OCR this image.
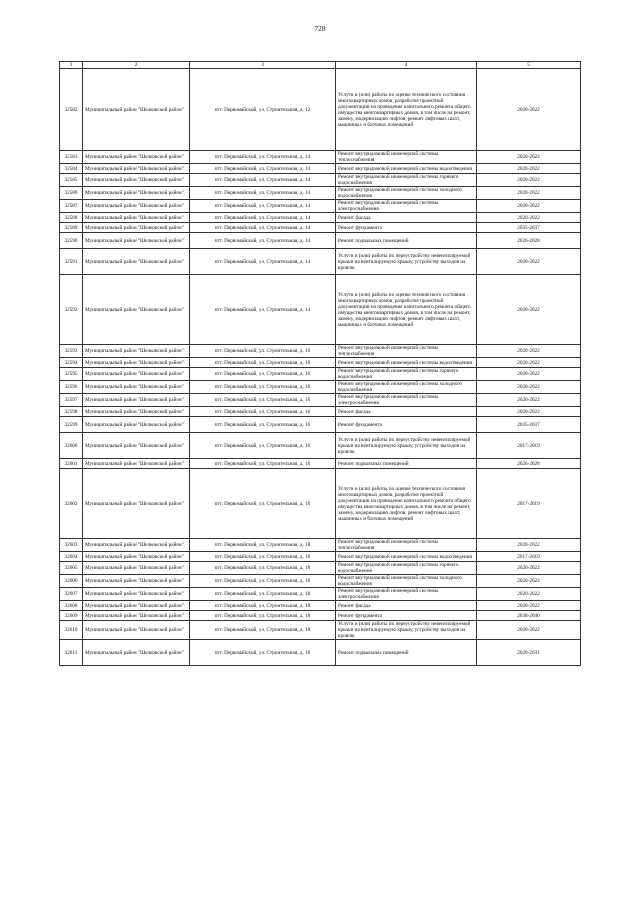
728
1	2	3	4	5
32582	Муниципальный район "Шелковской район"	пгт. Первомайский, ул. Строительная, д. 12	Услуги и (или) работы по оценке технического состояния многоквартирных домов, разработке проектной документации на проведение капитального ремонта общего имущества многоквартирных домов, в том числе на ремонт, замену, модернизацию лифтов, ремонт лифтовых шахт, машинных и блочных помещений	2020-2022
32583	Муниципальный район "Шелковской район"	пгт. Первомайский, ул. Строительная, д. 14	Ремонт внутридомовой инженерной системы теплоснабжения	2020-2022
32584	Муниципальный район "Шелковской район"	пгт. Первомайский, ул. Строительная, д. 14	Ремонт внутридомовой инженерной системы водоотведения	2020-2022
32585	Муниципальный район "Шелковской район"	пгт. Первомайский, ул. Строительная, д. 14	Ремонт внутридомовой инженерной системы горячего водоснабжения	2020-2022
32586	Муниципальный район "Шелковской район"	пгт. Первомайский, ул. Строительная, д. 14	Ремонт внутридомовой инженерной системы холодного водоснабжения	2020-2022
32587	Муниципальный район "Шелковской район"	пгт. Первомайский, ул. Строительная, д. 14	Ремонт внутридомовой инженерной системы электроснабжения	2020-2022
32588	Муниципальный район "Шелковской район"	пгт. Первомайский, ул. Строительная, д. 14	Ремонт фасада	2020-2022
32589	Муниципальный район "Шелковской район"	пгт. Первомайский, ул. Строительная, д. 14	Ремонт фундамента	2035-2037
32590	Муниципальный район "Шелковской район"	пгт. Первомайский, ул. Строительная, д. 14	Ремонт подвальных помещений	2026-2028
32591	Муниципальный район "Шелковской район"	пгт. Первомайский, ул. Строительная, д. 14	Услуги и (или) работы по переустройству невентилируемой крыши на вентилируемую крышу, устройству выходов на кровлю	2020-2022
32592	Муниципальный район "Шелковской район"	пгт. Первомайский, ул. Строительная, д. 14	Услуги и (или) работы по оценке технического состояния многоквартирных домов, разработке проектной документации на проведение капитального ремонта общего имущества многоквартирных домов, в том числе на ремонт, замену, модернизацию лифтов, ремонт лифтовых шахт, машинных и блочных помещений	2020-2022
32593	Муниципальный район "Шелковской район"	пгт. Первомайский, ул. Строительная, д. 16	Ремонт внутридомовой инженерной системы теплоснабжения	2020-2022
32594	Муниципальный район "Шелковской район"	пгт. Первомайский, ул. Строительная, д. 16	Ремонт внутридомовой инженерной системы водоотведения	2020-2022
32595	Муниципальный район "Шелковской район"	пгт. Первомайский, ул. Строительная, д. 16	Ремонт внутридомовой инженерной системы горячего водоснабжения	2020-2022
32596	Муниципальный район "Шелковской район"	пгт. Первомайский, ул. Строительная, д. 16	Ремонт внутридомовой инженерной системы холодного водоснабжения	2020-2022
32597	Муниципальный район "Шелковской район"	пгт. Первомайский, ул. Строительная, д. 16	Ремонт внутридомовой инженерной системы электроснабжения	2020-2022
32598	Муниципальный район "Шелковской район"	пгт. Первомайский, ул. Строительная, д. 16	Ремонт фасада	2020-2022
32599	Муниципальный район "Шелковской район"	пгт. Первомайский, ул. Строительная, д. 16	Ремонт фундамента	2035-2037
32600	Муниципальный район "Шелковской район"	пгт. Первомайский, ул. Строительная, д. 16	Услуги и (или) работы по переустройству невентилируемой крыши на вентилируемую крышу, устройству выходов на кровлю	2017-2019
32601	Муниципальный район "Шелковской район"	пгт. Первомайский, ул. Строительная, д. 16	Ремонт подвальных помещений	2026-2028
32602	Муниципальный район "Шелковской район"	пгт. Первомайский, ул. Строительная, д. 16	Услуги и (или) работы по оценке технического состояния многоквартирных домов, разработке проектной документации на проведение капитального ремонта общего имущества многоквартирных домов, в том числе на ремонт, замену, модернизацию лифтов, ремонт лифтовых шахт, машинных и блочных помещений	2017-2019
32603	Муниципальный район "Шелковской район"	пгт. Первомайский, ул. Строительная, д. 18	Ремонт внутридомовой инженерной системы теплоснабжения	2020-2022
32604	Муниципальный район "Шелковской район"	пгт. Первомайский, ул. Строительная, д. 18	Ремонт внутридомовой инженерной системы водоотведения	2017-2019
32605	Муниципальный район "Шелковской район"	пгт. Первомайский, ул. Строительная, д. 18	Ремонт внутридомовой инженерной системы горячего водоснабжения	2020-2022
32606	Муниципальный район "Шелковской район"	пгт. Первомайский, ул. Строительная, д. 18	Ремонт внутридомовой инженерной системы холодного водоснабжения	2020-2022
32607	Муниципальный район "Шелковской район"	пгт. Первомайский, ул. Строительная, д. 18	Ремонт внутридомовой инженерной системы электроснабжения	2020-2022
32608	Муниципальный район "Шелковской район"	пгт. Первомайский, ул. Строительная, д. 18	Ремонт фасада	2020-2022
32609	Муниципальный район "Шелковской район"	пгт. Первомайский, ул. Строительная, д. 18	Ремонт фундамента	2038-2040
32610	Муниципальный район "Шелковской район"	пгт. Первомайский, ул. Строительная, д. 18	Услуги и (или) работы по переустройству невентилируемой крыши на вентилируемую крышу, устройству выходов на кровлю	2020-2022
32611	Муниципальный район "Шелковской район"	пгт. Первомайский, ул. Строительная, д. 18	Ремонт подвальных помещений	2029-2031
